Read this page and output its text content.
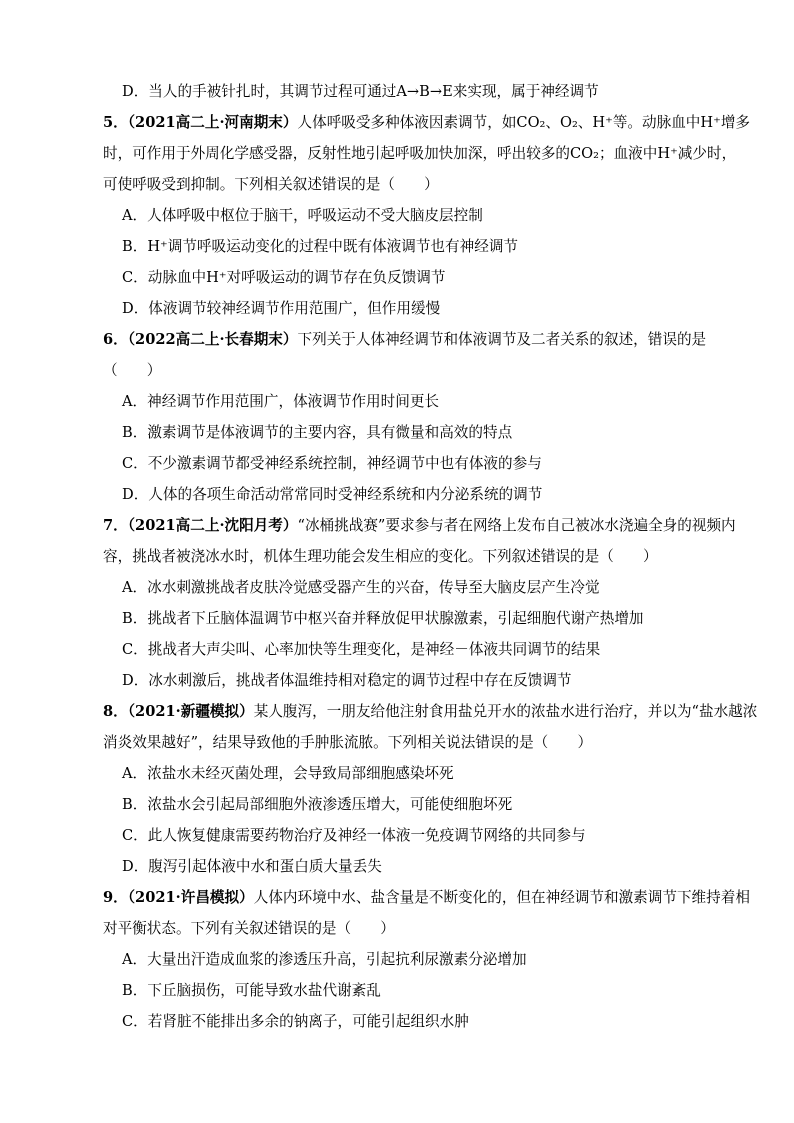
D．当人的手被针扎时，其调节过程可通过A→B→E来实现，属于神经调节
5．（2021高二上·河南期末）人体呼吸受多种体液因素调节，如CO₂、O₂、H⁺等。动脉血中H⁺增多
时，可作用于外周化学感受器，反射性地引起呼吸加快加深，呼出较多的CO₂；血液中H⁺减少时，
可使呼吸受到抑制。下列相关叙述错误的是（　　）
A．人体呼吸中枢位于脑干，呼吸运动不受大脑皮层控制
B．H⁺调节呼吸运动变化的过程中既有体液调节也有神经调节
C．动脉血中H⁺对呼吸运动的调节存在负反馈调节
D．体液调节较神经调节作用范围广，但作用缓慢
6．（2022高二上·长春期末）下列关于人体神经调节和体液调节及二者关系的叙述，错误的是
（　　）
A．神经调节作用范围广，体液调节作用时间更长
B．激素调节是体液调节的主要内容，具有微量和高效的特点
C．不少激素调节都受神经系统控制，神经调节中也有体液的参与
D．人体的各项生命活动常常同时受神经系统和内分泌系统的调节
7．（2021高二上·沈阳月考）“冰桶挑战赛”要求参与者在网络上发布自己被冰水浇遍全身的视频内
容，挑战者被浇冰水时，机体生理功能会发生相应的变化。下列叙述错误的是（　　）
A．冰水刺激挑战者皮肤冷觉感受器产生的兴奋，传导至大脑皮层产生冷觉
B．挑战者下丘脑体温调节中枢兴奋并释放促甲状腺激素，引起细胞代谢产热增加
C．挑战者大声尖叫、心率加快等生理变化，是神经－体液共同调节的结果
D．冰水刺激后，挑战者体温维持相对稳定的调节过程中存在反馈调节
8．（2021·新疆模拟）某人腹泻，一朋友给他注射食用盐兑开水的浓盐水进行治疗，并以为“盐水越浓
消炎效果越好”，结果导致他的手肿胀流脓。下列相关说法错误的是（　　）
A．浓盐水未经灭菌处理，会导致局部细胞感染坏死
B．浓盐水会引起局部细胞外液渗透压增大，可能使细胞坏死
C．此人恢复健康需要药物治疗及神经一体液一免疫调节网络的共同参与
D．腹泻引起体液中水和蛋白质大量丢失
9．（2021·许昌模拟）人体内环境中水、盐含量是不断变化的，但在神经调节和激素调节下维持着相
对平衡状态。下列有关叙述错误的是（　　）
A．大量出汗造成血浆的渗透压升高，引起抗利尿激素分泌增加
B．下丘脑损伤，可能导致水盐代谢紊乱
C．若肾脏不能排出多余的钠离子，可能引起组织水肿
